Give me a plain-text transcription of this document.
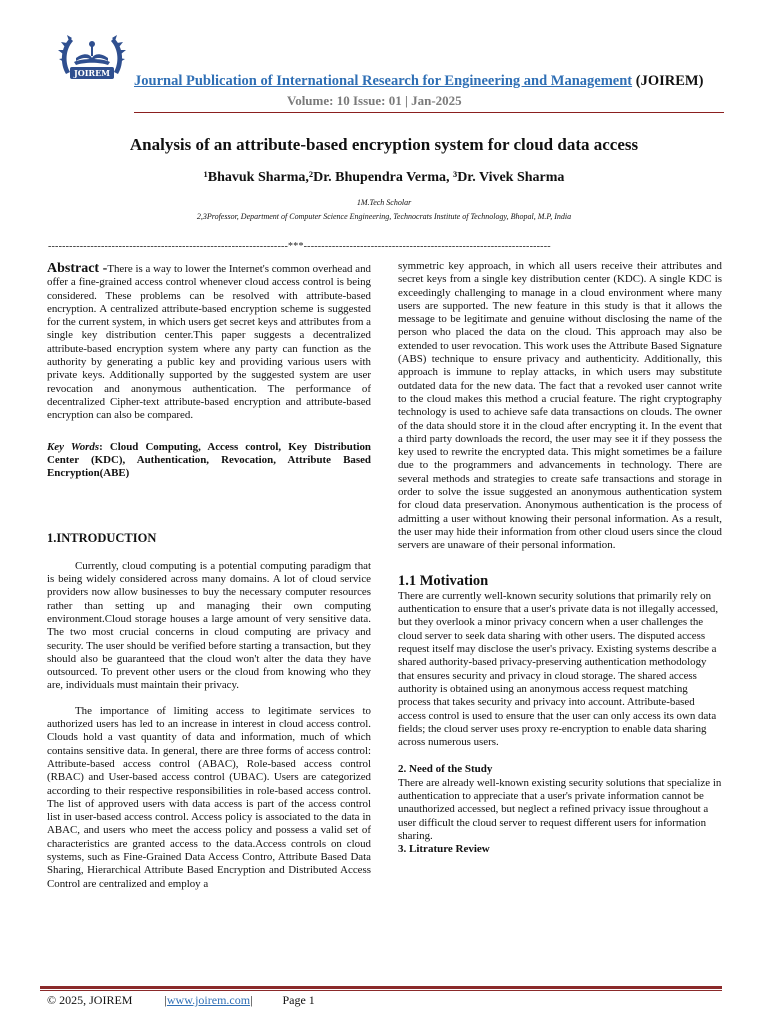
JOIREM Journal Publication of International Research for Engineering and Management (JOIREM)
Volume: 10 Issue: 01 | Jan-2025
Analysis of an attribute-based encryption system for cloud data access
¹Bhavuk Sharma,²Dr. Bhupendra Verma, ³Dr. Vivek Sharma
1M.Tech Scholar
2,3Professor, Department of Computer Science Engineering, Technocrats Institute of Technology, Bhopal, M.P, India
--------------------------------------------------------------------***----------------------------------------------------------------------
Abstract -There is a way to lower the Internet's common overhead and offer a fine-grained access control whenever cloud access control is being considered. These problems can be resolved with attribute-based encryption. A centralized attribute-based encryption scheme is suggested for the current system, in which users get secret keys and attributes from a single key distribution center.This paper suggests a decentralized attribute-based encryption system where any party can function as the authority by generating a public key and providing various users with private keys. Additionally supported by the suggested system are user revocation and anonymous authentication. The performance of decentralized Cipher-text attribute-based encryption and attribute-based encryption can also be compared.
Key Words: Cloud Computing, Access control, Key Distribution Center (KDC), Authentication, Revocation, Attribute Based Encryption(ABE)
1.INTRODUCTION

Currently, cloud computing is a potential computing paradigm that is being widely considered across many domains. A lot of cloud service providers now allow businesses to buy the necessary computer resources rather than setting up and managing their own computing environment.Cloud storage houses a large amount of very sensitive data. The two most crucial concerns in cloud computing are privacy and security. The user should be verified before starting a transaction, but they should also be guaranteed that the cloud won't alter the data they have outsourced. To prevent other users or the cloud from knowing who they are, individuals must maintain their privacy.

The importance of limiting access to legitimate services to authorized users has led to an increase in interest in cloud access control. Clouds hold a vast quantity of data and information, much of which contains sensitive data. In general, there are three forms of access control: Attribute-based access control (ABAC), Role-based access control (RBAC) and User-based access control (UBAC). Users are categorized according to their respective responsibilities in role-based access control. The list of approved users with data access is part of the access control list in user-based access control. Access policy is associated to the data in ABAC, and users who meet the access policy and possess a valid set of characteristics are granted access to the data.Access controls on cloud systems, such as Fine-Grained Data Access Contro, Attribute Based Data Sharing, Hierarchical Attribute Based Encryption and Distributed Access Control are centralized and employ a

symmetric key approach, in which all users receive their attributes and secret keys from a single key distribution center (KDC). A single KDC is exceedingly challenging to manage in a cloud environment where many users are supported. The new feature in this study is that it allows the message to be legitimate and genuine without disclosing the name of the person who placed the data on the cloud. This approach may also be extended to user revocation. This work uses the Attribute Based Signature (ABS) technique to ensure privacy and authenticity. Additionally, this approach is immune to replay attacks, in which users may substitute outdated data for the new data. The fact that a revoked user cannot write to the cloud makes this method a crucial feature. The right cryptography technology is used to achieve safe data transactions on clouds. The owner of the data should store it in the cloud after encrypting it. In the event that a third party downloads the record, the user may see it if they possess the key used to rewrite the encrypted data. This might sometimes be a failure due to the programmers and advancements in technology. There are several methods and strategies to create safe transactions and storage in order to solve the issue suggested an anonymous authentication system for cloud data preservation. Anonymous authentication is the process of admitting a user without knowing their personal information. As a result, the user may hide their information from other cloud users since the cloud servers are unaware of their personal information.

1.1 Motivation

There are currently well-known security solutions that primarily rely on authentication to ensure that a user's private data is not illegally accessed, but they overlook a minor privacy concern when a user challenges the cloud server to seek data sharing with other users. The disputed access request itself may disclose the user's privacy. Existing systems describe a shared authority-based privacy-preserving authentication methodology that ensures security and privacy in cloud storage. The shared access authority is obtained using an anonymous access request matching process that takes security and privacy into account. Attribute-based access control is used to ensure that the user can only access its own data fields; the cloud server uses proxy re-encryption to enable data sharing across numerous users.

2. Need of the Study

There are already well-known existing security solutions that specialize in authentication to appreciate that a user's private information cannot be unauthorized accessed, but neglect a refined privacy issue throughout a user difficult the cloud server to request different users for information sharing.

3. Litrature Review
© 2025, JOIREM	|www.joirem.com|	Page 1
